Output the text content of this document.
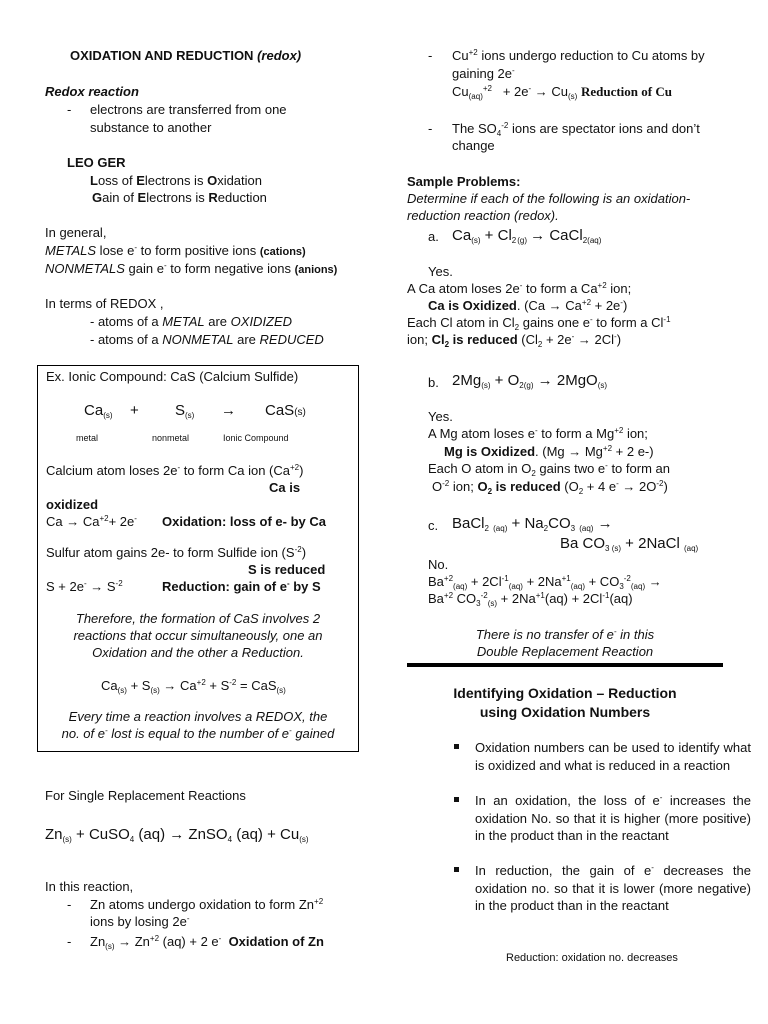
OXIDATION AND REDUCTION (redox)
Redox reaction
- electrons are transferred from one
substance to another
LEO GER
Loss of Electrons is Oxidation
Gain of Electrons is Reduction
In general,
METALS lose e- to form positive ions (cations)
NONMETALS gain e- to form negative ions (anions)
In terms of REDOX ,
- atoms of a METAL are OXIDIZED
- atoms of a NONMETAL are REDUCED
Ex. Ionic Compound: CaS (Calcium Sulfide)
$Ca_{(s)} + S_{(s)} \to CaS(s)$
metal	nonmetal	Ionic Compound
Calcium atom loses 2e- to form Ca ion $(Ca^{+2})$
Ca is
oxidized
$Ca \to Ca^{+2}+ 2e^-$ Oxidation: loss of e- by Ca
Sulfur atom gains 2e- to form Sulfide ion $(S^{-2})$
S is reduced
$S + 2e^- \to S^{-2}$	Reduction: gain of e- by S
Therefore, the formation of CaS involves 2
reactions that occur simultaneously, one an
Oxidation and the other a Reduction.
$Ca_{(s)} + S_{(s)} \to Ca^{+2} + S^{-2} = CaS_{(s)}$
Every time a reaction involves a REDOX, the
no. of e- lost is equal to the number of e- gained
For Single Replacement Reactions
$Zn_{(s)}$ + CuSO$_4$ (aq) → ZnSO$_4$ $(aq) + Cu_{(s)}$
In this reaction,
- Zn atoms undergo oxidation to form $Zn^{+2}$
ions by losing 2e-
- $Zn_{(s)} \to Zn^{+2}$ (aq) + 2 e- Oxidation of Zn
- $Cu^{+2}$ ions undergo reduction to Cu atoms by
gaining 2e-
$Cu_{(aq)}^{+2} + 2e^- \to Cu_{(s)}$ Reduction of Cu
- The $SO_4^{-2}$ ions are spectator ions and don’t
change
Sample Problems:
Determine if each of the following is an oxidation-
reduction reaction (redox).
a. $Ca_{(s)} + Cl_{2(g)}$ → CaCl$_{2(aq)}$
Yes.
A Ca atom loses 2e- to form a $Ca^{+2}$ ion;
Ca is Oxidized. $(Ca \to Ca^{+2} + 2e^-)$
Each Cl atom in $Cl_2$ gains one e- to form a $Cl^{-1}$
ion; $Cl_2$ is reduced $(Cl_2 + 2e^- \to 2Cl^-)$
b. $2Mg_{(s)} + O_{2(g)} \to 2MgO_{(s)}$
Yes.
A Mg atom loses e- to form a $Mg^{+2}$ ion;
Mg is Oxidized. ($Mg \to Mg^{+2} + 2$ e-)
Each O atom in $O_2$ gains two e- to form an
$O^{-2}$ ion; $O_2$ is reduced ($O_2 + 4$ $e^- \to 2O^{-2}$)
c. BaCl$_2$ $_{(aq)} + Na_2CO_3$ $_{(aq)}$ →
Ba $CO_{3 (s)}$ + 2NaCl $_{(aq)}$
No.
$Ba^{+2}_{(aq)} + 2Cl^{-1}_{(aq)} + 2Na^{+1}_{(aq)} + CO_3^{-2}_{(aq)}$ →
$Ba^{+2}$ $CO_3^{-2}_{(s)} + 2Na^{+1}(aq) + 2Cl^{-1}(aq)$
There is no transfer of e- in this
Double Replacement Reaction
Identifying Oxidation – Reduction
using Oxidation Numbers
Oxidation numbers can be used to identify what is oxidized and what is reduced in a reaction
In an oxidation, the loss of e- increases the oxidation No. so that it is higher (more positive) in the product than in the reactant
In reduction, the gain of e- decreases the oxidation no. so that it is lower (more negative) in the product than in the reactant
Reduction: oxidation no. decreases
